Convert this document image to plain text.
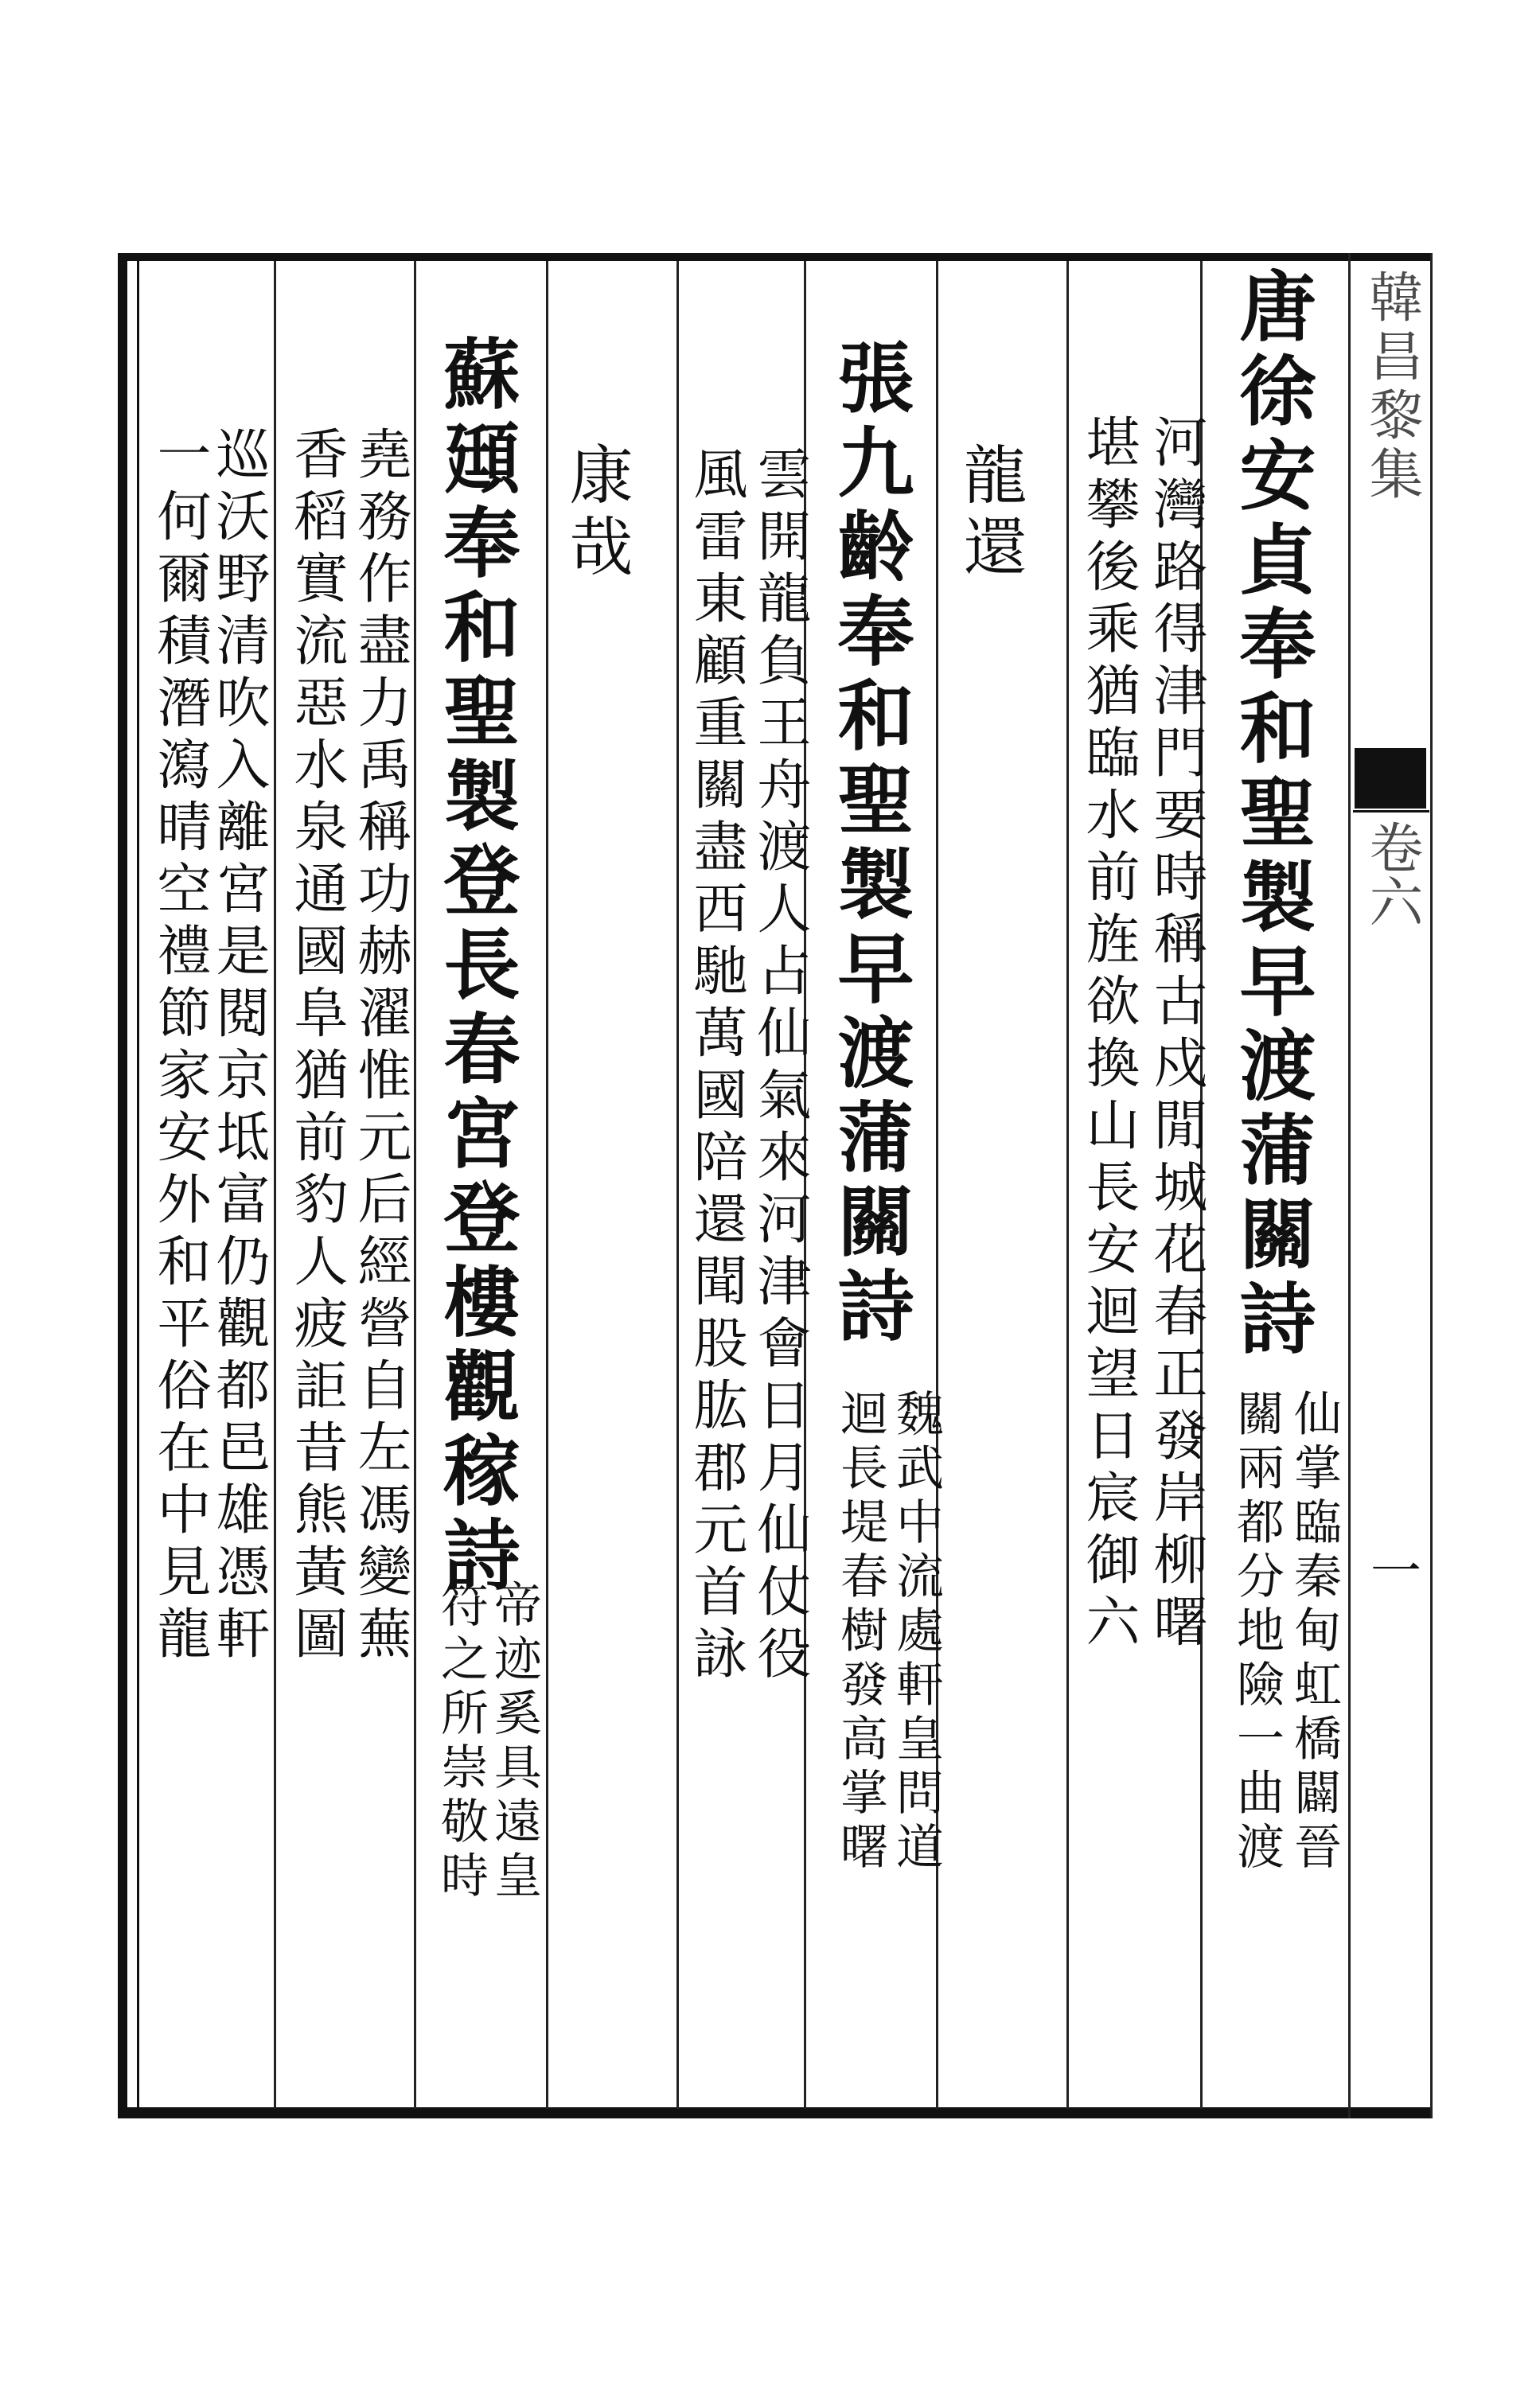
韓昌黎集
卷六
一
唐徐安貞奉和聖製早渡蒲關詩
仙掌臨秦甸虹橋闢晉
關兩都分地險一曲渡
河灣路得津門要時稱古戍閒城花春正發岸柳曙
堪攀後乘猶臨水前旌欲換山長安迴望日宸御六
龍還
張九齡奉和聖製早渡蒲關詩
魏武中流處軒皇問道
迴長堤春樹發高掌曙
雲開龍負王舟渡人占仙氣來河津會日月仙仗役
風雷東顧重關盡西馳萬國陪還聞股肱郡元首詠
康哉
蘇頲奉和聖製登長春宮登樓觀稼詩
帝迹奚具遠皇
符之所崇敬時
堯務作盡力禹稱功赫濯惟元后經營自左馮變蕪
香稻實流惡水泉通國阜猶前豹人疲詎昔熊黃圖
巡沃野清吹入離宮是閱京坻富仍觀都邑雄憑軒
一何爾積潛瀉晴空禮節家安外和平俗在中見龍
